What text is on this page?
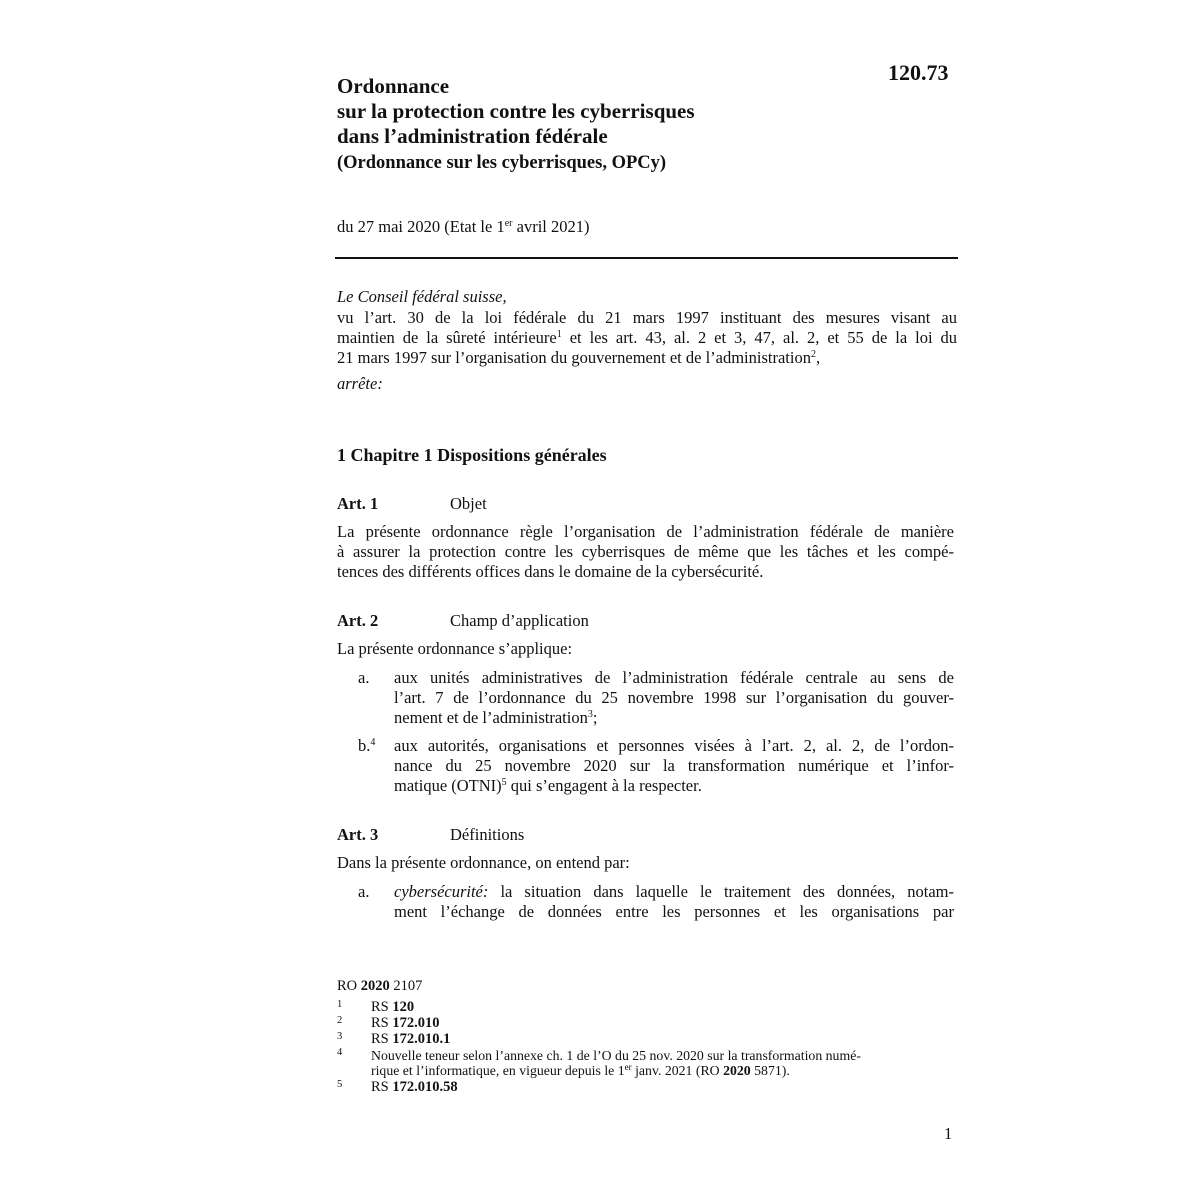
120.73
Ordonnance
sur la protection contre les cyberrisques
dans l’administration fédérale
(Ordonnance sur les cyberrisques, OPCy)
du 27 mai 2020 (Etat le 1er avril 2021)
Le Conseil fédéral suisse,
vu l’art. 30 de la loi fédérale du 21 mars 1997 instituant des mesures visant au
maintien de la sûreté intérieure$^1$ et les art. 43, al. 2 et 3, 47, al. 2, et 55 de la loi du
21 mars 1997 sur l’organisation du gouvernement et de l’administration$^2$,
arrête:
1 Chapitre 1 Dispositions générales
Art. 1	Objet
La présente ordonnance règle l’organisation de l’administration fédérale de manière
à assurer la protection contre les cyberrisques de même que les tâches et les compé-
tences des différents offices dans le domaine de la cybersécurité.
Art. 2	Champ d’application
La présente ordonnance s’applique:
a. aux unités administratives de l’administration fédérale centrale au sens de
l’art. 7 de l’ordonnance du 25 novembre 1998 sur l’organisation du gouver-
nement et de l’administration$^3$;
b.$^4$ aux autorités, organisations et personnes visées à l’art. 2, al. 2, de l’ordon-
nance du 25 novembre 2020 sur la transformation numérique et l’infor-
matique (OTNI)$^5$ qui s’engagent à la respecter.
Art. 3	Définitions
Dans la présente ordonnance, on entend par:
a. cybersécurité: la situation dans laquelle le traitement des données, notam-
ment l’échange de données entre les personnes et les organisations par
RO 2020 2107
1 RS 120
2 RS 172.010
3 RS 172.010.1
4 Nouvelle teneur selon l’annexe ch. 1 de l’O du 25 nov. 2020 sur la transformation numé-
rique et l’informatique, en vigueur depuis le 1er janv. 2021 (RO 2020 5871).
5 RS 172.010.58
1
